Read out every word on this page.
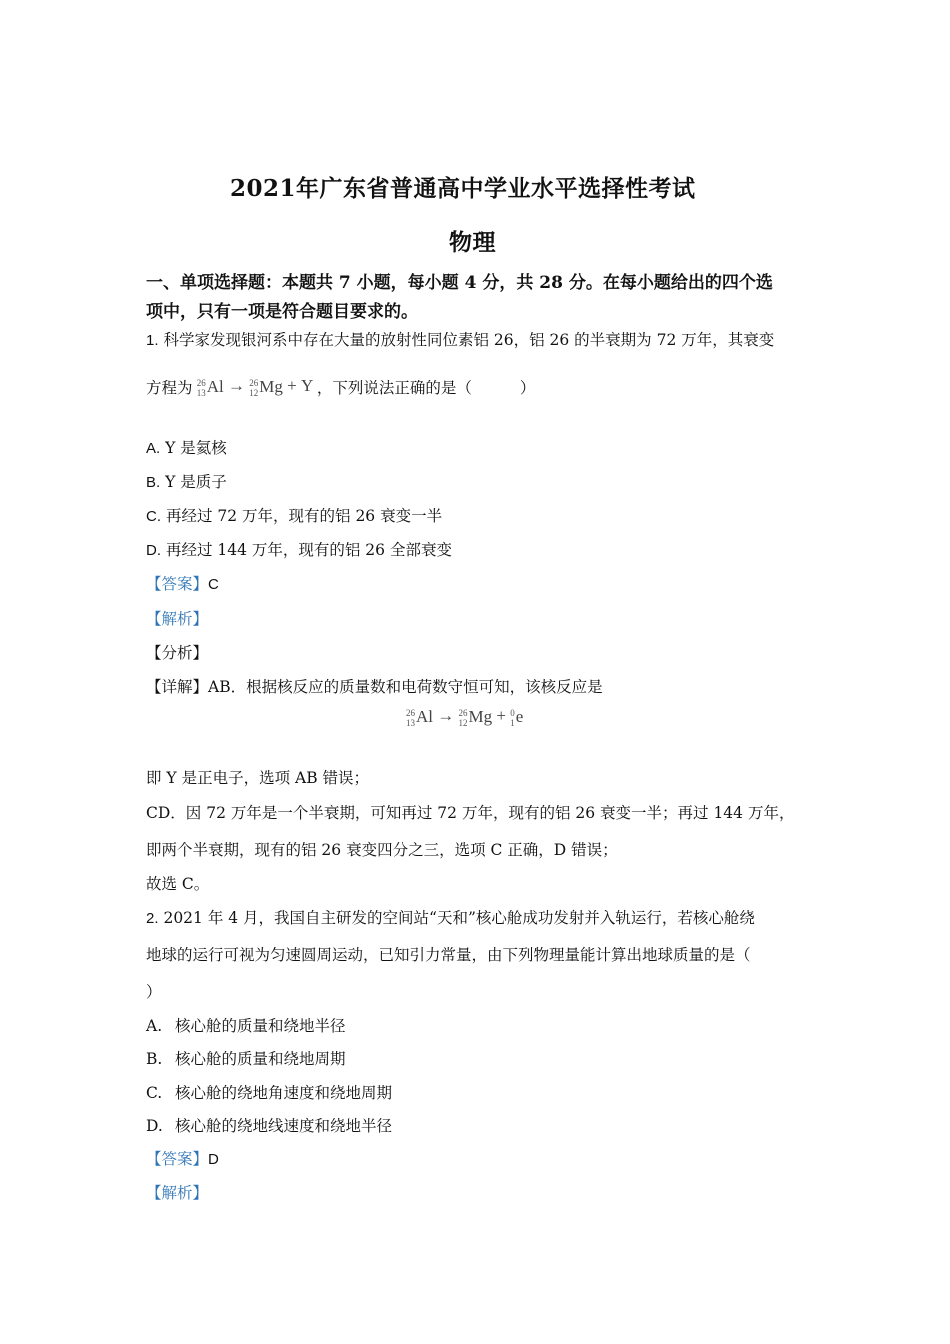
2021年广东省普通高中学业水平选择性考试
物理
一、单项选择题：本题共 7 小题，每小题 4 分，共 28 分。在每小题给出的四个选
项中，只有一项是符合题目要求的。
1. 科学家发现银河系中存在大量的放射性同位素铝 26，铝 26 的半衰期为 72 万年，其衰变
方程为 26
13 Al → 26
12 Mg + Y ，下列说法正确的是（	）
A. Y 是氦核
B. Y 是质子
C. 再经过 72 万年，现有的铝 26 衰变一半
D. 再经过 144 万年，现有的铝 26 全部衰变
【答案】C
【解析】
【分析】
【详解】AB．根据核反应的质量数和电荷数守恒可知，该核反应是
26
13 Al → 26
12 Mg + 0
1 e
即 Y 是正电子，选项 AB 错误；
CD．因 72 万年是一个半衰期，可知再过 72 万年，现有的铝 26 衰变一半；再过 144 万年，
即两个半衰期，现有的铝 26 衰变四分之三，选项 C 正确，D 错误；
故选 C。
2. 2021 年 4 月，我国自主研发的空间站“天和”核心舱成功发射并入轨运行，若核心舱绕
地球的运行可视为匀速圆周运动，已知引力常量，由下列物理量能计算出地球质量的是（
）
A. 核心舱的质量和绕地半径
B. 核心舱的质量和绕地周期
C. 核心舱的绕地角速度和绕地周期
D. 核心舱的绕地线速度和绕地半径
【答案】D
【解析】
